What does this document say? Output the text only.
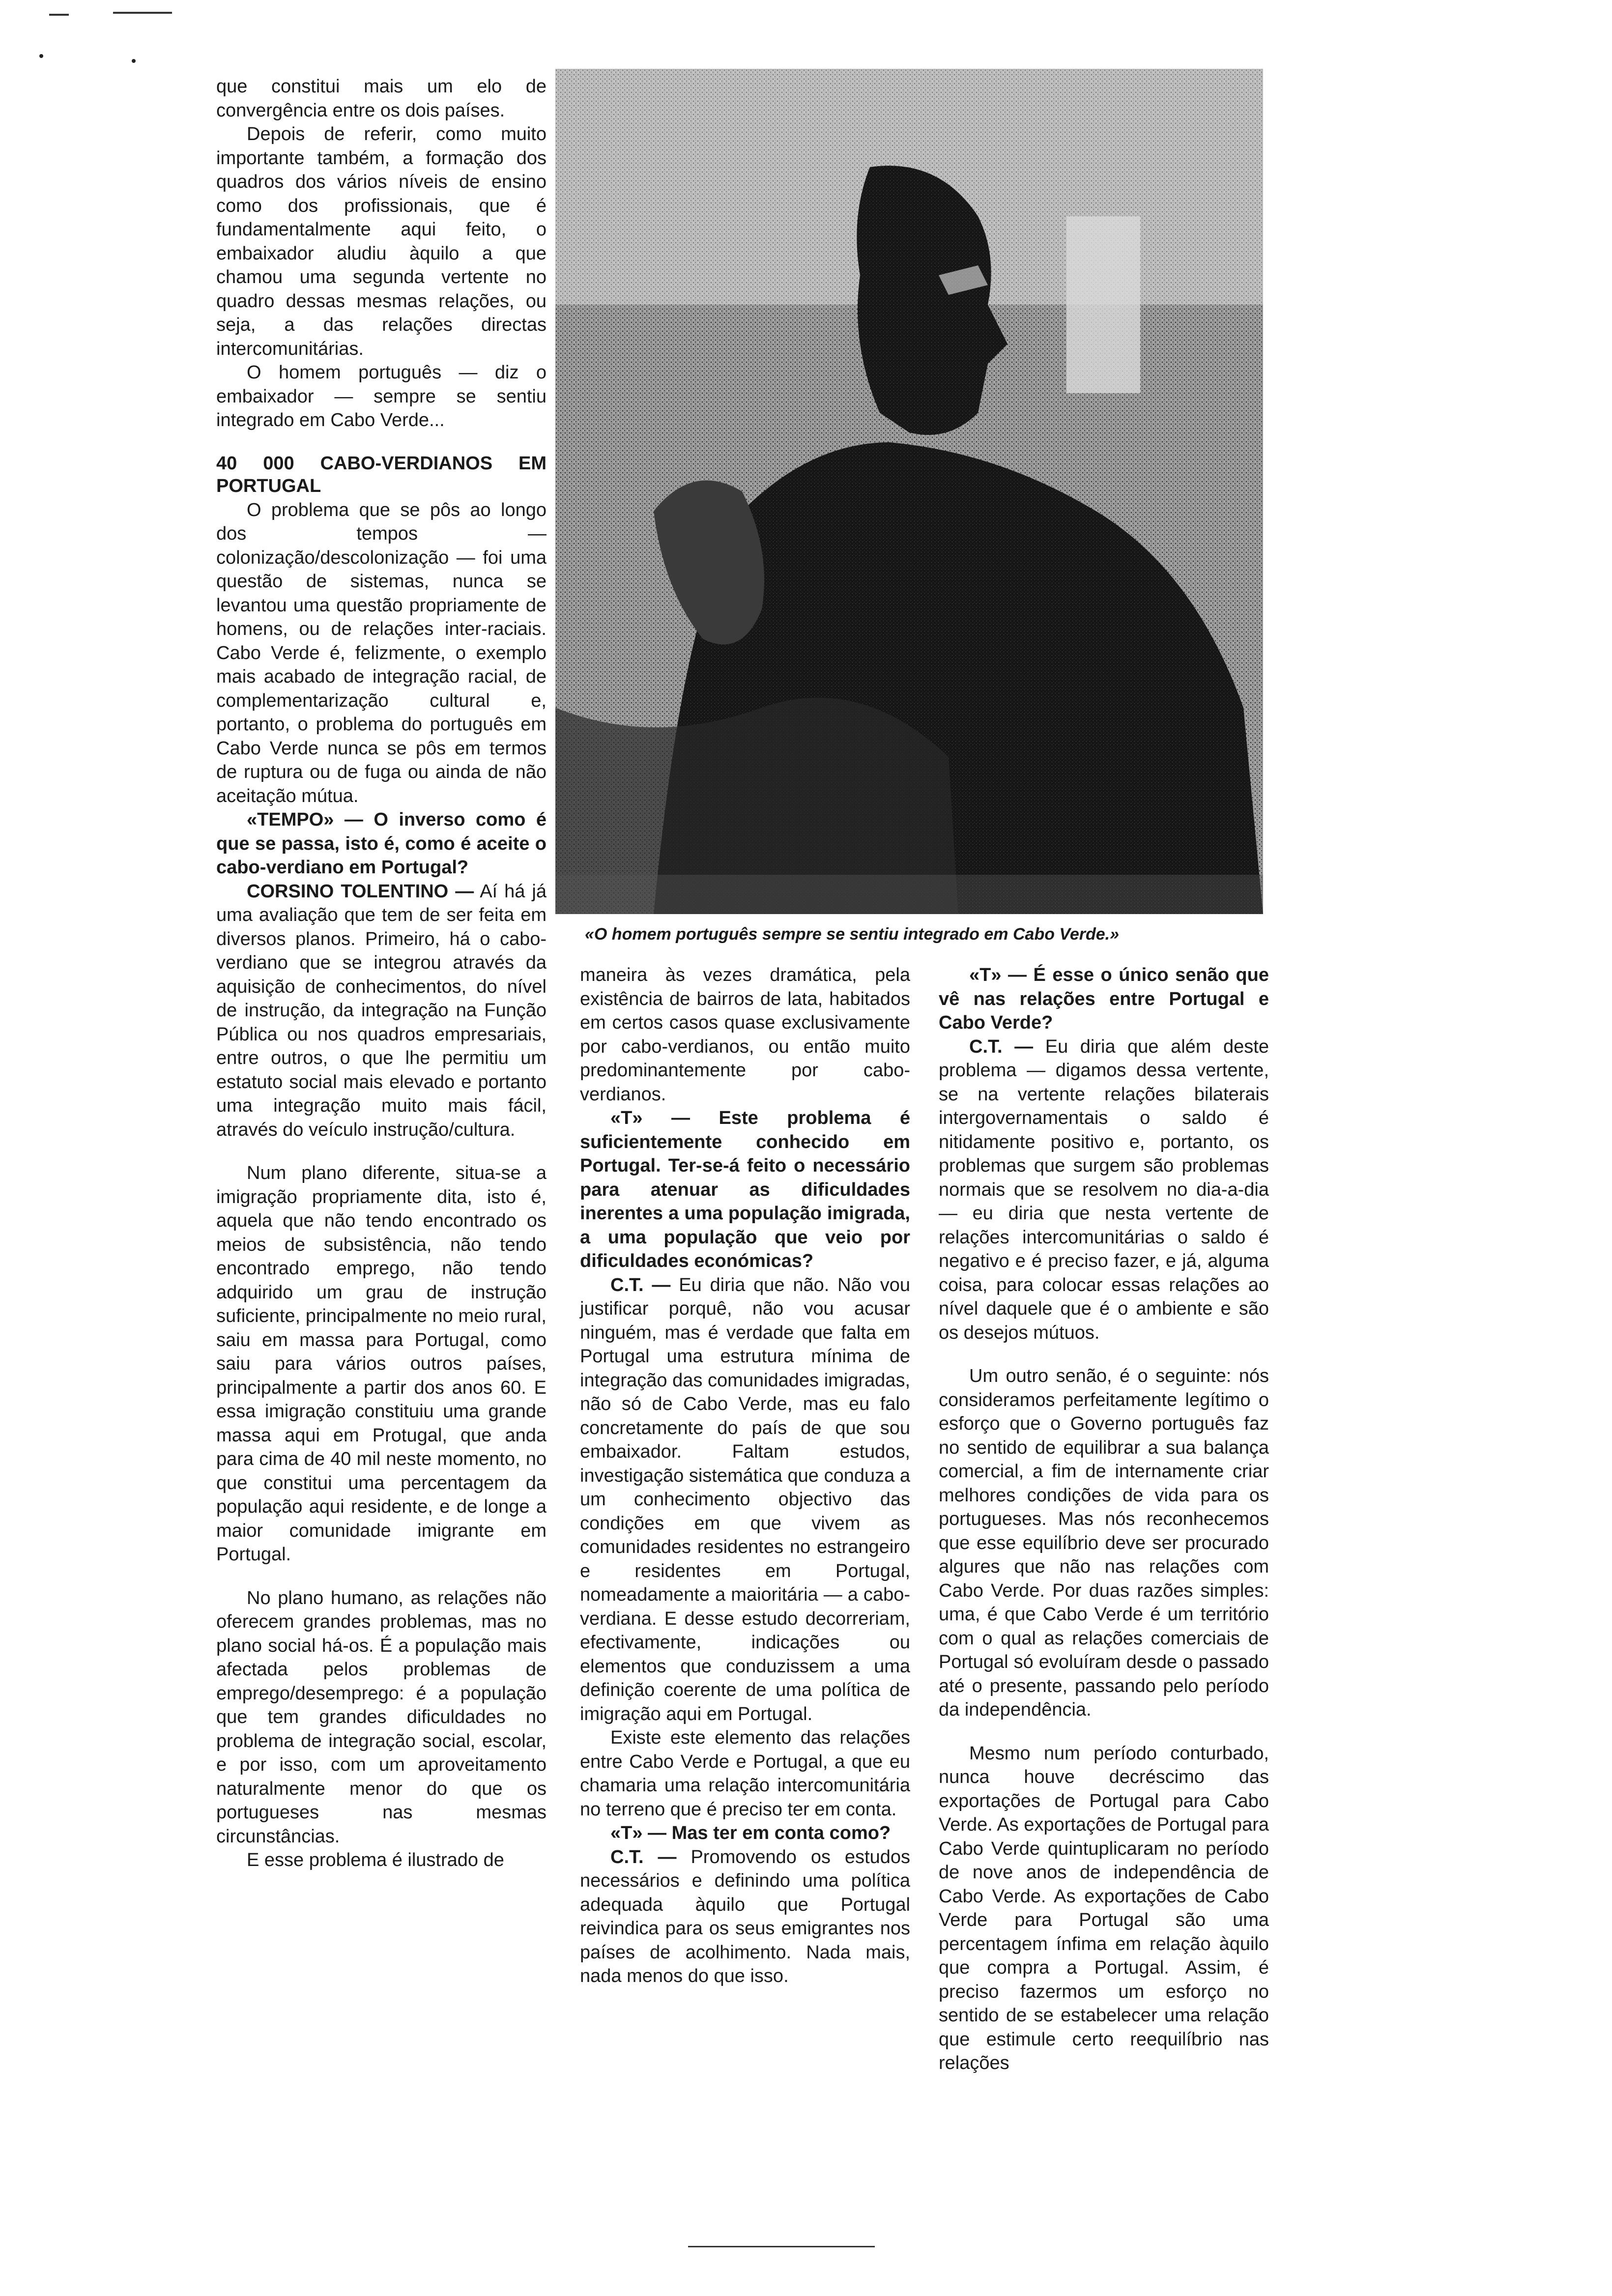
que constitui mais um elo de convergência entre os dois países.

Depois de referir, como muito importante também, a formação dos quadros dos vários níveis de ensino como dos profissionais, que é fundamentalmente aqui feito, o embaixador aludiu àquilo a que chamou uma segunda vertente no quadro dessas mesmas relações, ou seja, a das relações directas intercomunitárias.

O homem português — diz o embaixador — sempre se sentiu integrado em Cabo Verde...

40 000 CABO-VERDIANOS EM PORTUGAL

O problema que se pôs ao longo dos tempos — colonização/descolonização — foi uma questão de sistemas, nunca se levantou uma questão propriamente de homens, ou de relações inter-raciais. Cabo Verde é, felizmente, o exemplo mais acabado de integração racial, de complementarização cultural e, portanto, o problema do português em Cabo Verde nunca se pôs em termos de ruptura ou de fuga ou ainda de não aceitação mútua.

«TEMPO» — O inverso como é que se passa, isto é, como é aceite o cabo-verdiano em Portugal?

CORSINO TOLENTINO — Aí há já uma avaliação que tem de ser feita em diversos planos. Primeiro, há o cabo-verdiano que se integrou através da aquisição de conhecimentos, do nível de instrução, da integração na Função Pública ou nos quadros empresariais, entre outros, o que lhe permitiu um estatuto social mais elevado e portanto uma integração muito mais fácil, através do veículo instrução/cultura.

Num plano diferente, situa-se a imigração propriamente dita, isto é, aquela que não tendo encontrado os meios de subsistência, não tendo encontrado emprego, não tendo adquirido um grau de instrução suficiente, principalmente no meio rural, saiu em massa para Portugal, como saiu para vários outros países, principalmente a partir dos anos 60. E essa imigração constituiu uma grande massa aqui em Protugal, que anda para cima de 40 mil neste momento, no que constitui uma percentagem da população aqui residente, e de longe a maior comunidade imigrante em Portugal.

No plano humano, as relações não oferecem grandes problemas, mas no plano social há-os. É a população mais afectada pelos problemas de emprego/desemprego: é a população que tem grandes dificuldades no problema de integração social, escolar, e por isso, com um aproveitamento naturalmente menor do que os portugueses nas mesmas circunstâncias.

E esse problema é ilustrado de

«O homem português sempre se sentiu integrado em Cabo Verde.»

maneira às vezes dramática, pela existência de bairros de lata, habitados em certos casos quase exclusivamente por cabo-verdianos, ou então muito predominantemente por cabo-verdianos.

«T» — Este problema é suficientemente conhecido em Portugal. Ter-se-á feito o necessário para atenuar as dificuldades inerentes a uma população imigrada, a uma população que veio por dificuldades económicas?

C.T. — Eu diria que não. Não vou justificar porquê, não vou acusar ninguém, mas é verdade que falta em Portugal uma estrutura mínima de integração das comunidades imigradas, não só de Cabo Verde, mas eu falo concretamente do país de que sou embaixador. Faltam estudos, investigação sistemática que conduza a um conhecimento objectivo das condições em que vivem as comunidades residentes no estrangeiro e residentes em Portugal, nomeadamente a maioritária — a cabo-verdiana. E desse estudo decorreriam, efectivamente, indicações ou elementos que conduzissem a uma definição coerente de uma política de imigração aqui em Portugal.

Existe este elemento das relações entre Cabo Verde e Portugal, a que eu chamaria uma relação intercomunitária no terreno que é preciso ter em conta.

«T» — Mas ter em conta como?

C.T. — Promovendo os estudos necessários e definindo uma política adequada àquilo que Portugal reivindica para os seus emigrantes nos países de acolhimento. Nada mais, nada menos do que isso.

«T» — É esse o único senão que vê nas relações entre Portugal e Cabo Verde?

C.T. — Eu diria que além deste problema — digamos dessa vertente, se na vertente relações bilaterais intergovernamentais o saldo é nitidamente positivo e, portanto, os problemas que surgem são problemas normais que se resolvem no dia-a-dia — eu diria que nesta vertente de relações intercomunitárias o saldo é negativo e é preciso fazer, e já, alguma coisa, para colocar essas relações ao nível daquele que é o ambiente e são os desejos mútuos.

Um outro senão, é o seguinte: nós consideramos perfeitamente legítimo o esforço que o Governo português faz no sentido de equilibrar a sua balança comercial, a fim de internamente criar melhores condições de vida para os portugueses. Mas nós reconhecemos que esse equilíbrio deve ser procurado algures que não nas relações com Cabo Verde. Por duas razões simples: uma, é que Cabo Verde é um território com o qual as relações comerciais de Portugal só evoluíram desde o passado até o presente, passando pelo período da independência.

Mesmo num período conturbado, nunca houve decréscimo das exportações de Portugal para Cabo Verde. As exportações de Portugal para Cabo Verde quintuplicaram no período de nove anos de independência de Cabo Verde. As exportações de Cabo Verde para Portugal são uma percentagem ínfima em relação àquilo que compra a Portugal. Assim, é preciso fazermos um esforço no sentido de se estabelecer uma relação que estimule certo reequilíbrio nas relações
